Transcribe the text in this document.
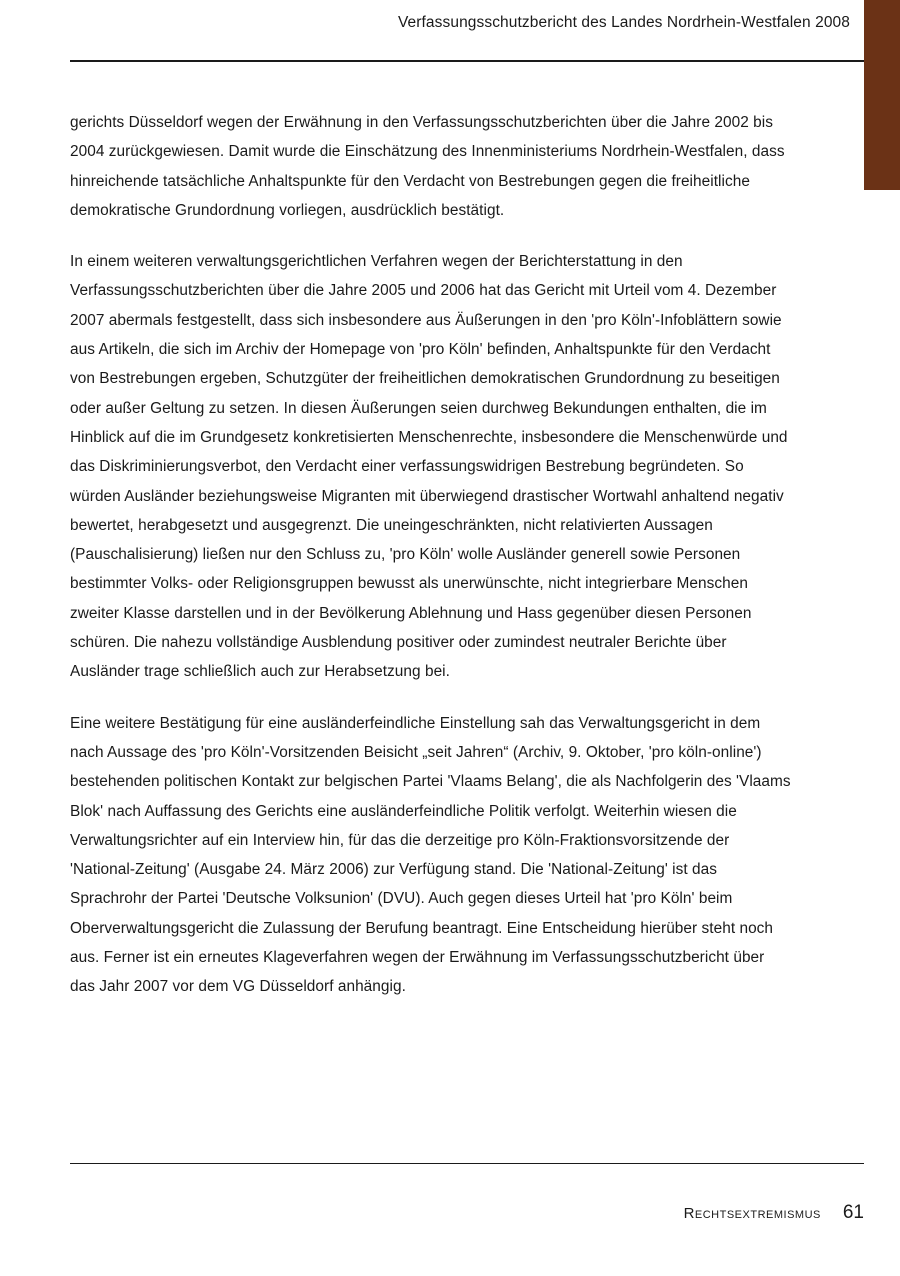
Verfassungsschutzbericht des Landes Nordrhein-Westfalen 2008

gerichts Düsseldorf wegen der Erwähnung in den Verfassungsschutzberichten über die Jahre 2002 bis 2004 zurückgewiesen. Damit wurde die Einschätzung des Innenministeriums Nordrhein-Westfalen, dass hinreichende tatsächliche Anhaltspunkte für den Verdacht von Bestrebungen gegen die freiheitliche demokratische Grundordnung vorliegen, ausdrücklich bestätigt.

In einem weiteren verwaltungsgerichtlichen Verfahren wegen der Berichterstattung in den Verfassungsschutzberichten über die Jahre 2005 und 2006 hat das Gericht mit Urteil vom 4. Dezember 2007 abermals festgestellt, dass sich insbesondere aus Äußerungen in den 'pro Köln'-Infoblättern sowie aus Artikeln, die sich im Archiv der Homepage von 'pro Köln' befinden, Anhaltspunkte für den Verdacht von Bestrebungen ergeben, Schutzgüter der freiheitlichen demokratischen Grundordnung zu beseitigen oder außer Geltung zu setzen. In diesen Äußerungen seien durchweg Bekundungen enthalten, die im Hinblick auf die im Grundgesetz konkretisierten Menschenrechte, insbesondere die Menschenwürde und das Diskriminierungsverbot, den Verdacht einer verfassungswidrigen Bestrebung begründeten. So würden Ausländer beziehungsweise Migranten mit überwiegend drastischer Wortwahl anhaltend negativ bewertet, herabgesetzt und ausgegrenzt. Die uneingeschränkten, nicht relativierten Aussagen (Pauschalisierung) ließen nur den Schluss zu, 'pro Köln' wolle Ausländer generell sowie Personen bestimmter Volks- oder Religionsgruppen bewusst als unerwünschte, nicht integrierbare Menschen zweiter Klasse darstellen und in der Bevölkerung Ablehnung und Hass gegenüber diesen Personen schüren. Die nahezu vollständige Ausblendung positiver oder zumindest neutraler Berichte über Ausländer trage schließlich auch zur Herabsetzung bei.

Eine weitere Bestätigung für eine ausländerfeindliche Einstellung sah das Verwaltungsgericht in dem nach Aussage des 'pro Köln'-Vorsitzenden Beisicht „seit Jahren“ (Archiv, 9. Oktober, 'pro köln-online') bestehenden politischen Kontakt zur belgischen Partei 'Vlaams Belang', die als Nachfolgerin des 'Vlaams Blok' nach Auffassung des Gerichts eine ausländerfeindliche Politik verfolgt. Weiterhin wiesen die Verwaltungsrichter auf ein Interview hin, für das die derzeitige pro Köln-Fraktionsvorsitzende der 'National-Zeitung' (Ausgabe 24. März 2006) zur Verfügung stand. Die 'National-Zeitung' ist das Sprachrohr der Partei 'Deutsche Volksunion' (DVU). Auch gegen dieses Urteil hat 'pro Köln' beim Oberverwaltungsgericht die Zulassung der Berufung beantragt. Eine Entscheidung hierüber steht noch aus. Ferner ist ein erneutes Klageverfahren wegen der Erwähnung im Verfassungsschutzbericht über das Jahr 2007 vor dem VG Düsseldorf anhängig.

Rechtsextremismus 61
